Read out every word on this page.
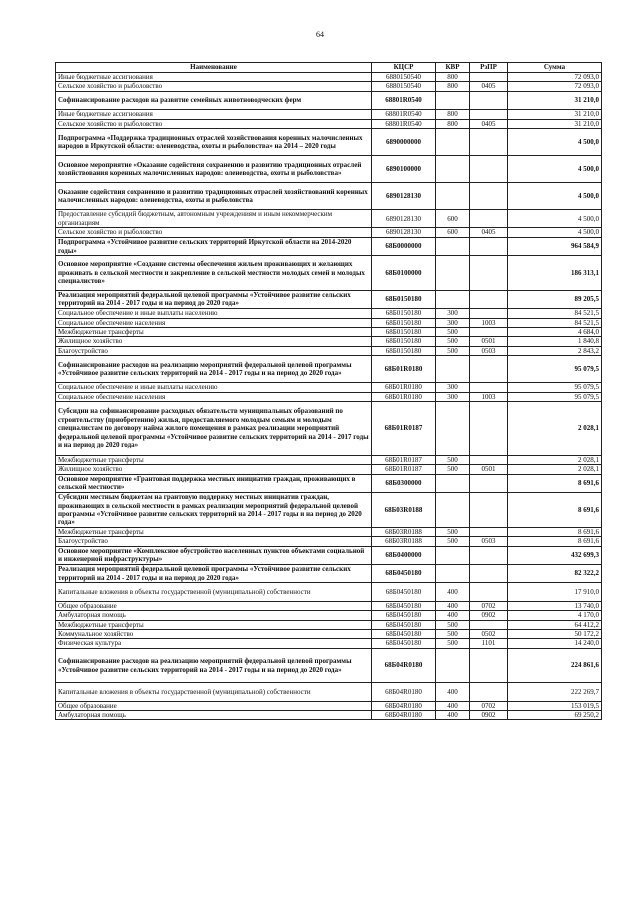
64
Наименование	КЦСР	КВР	РзПР	Сумма
Иные бюджетные ассигнования	6880150540	800		72 093,0
Сельское хозяйство и рыболовство	6880150540	800	0405	72 093,0
Софинансирование расходов на развитие семейных животноводческих ферм	68801R0540			31 210,0
Иные бюджетные ассигнования	68801R0540	800		31 210,0
Сельское хозяйство и рыболовство	68801R0540	800	0405	31 210,0
Подпрограмма «Поддержка традиционных отраслей хозяйствования коренных малочисленных народов в Иркутской области: оленеводства, охоты и рыболовства» на 2014 – 2020 годы	6890000000			4 500,0
Основное мероприятие «Оказание содействия сохранению и развитию традиционных отраслей хозяйствования коренных малочисленных народов: оленеводства, охоты и рыболовства»	6890100000			4 500,0
Оказание содействия сохранению и развитию традиционных отраслей хозяйствований коренных малочисленных народов: оленеводства, охоты и рыболовства	6890128130			4 500,0
Предоставление субсидий бюджетным, автономным учреждениям и иным некоммерческим организациям	6890128130	600		4 500,0
Сельское хозяйство и рыболовство	6890128130	600	0405	4 500,0
Подпрограмма «Устойчивое развитие сельских территорий Иркутской области на 2014-2020 годы»	68Б0000000			964 584,9
Основное мероприятие «Создание системы обеспечения жильем проживающих и желающих проживать в сельской местности и закрепление в сельской местности молодых семей и молодых специалистов»	68Б0100000			186 313,1
Реализация мероприятий федеральной целевой программы «Устойчивое развитие сельских территорий на 2014 - 2017 годы и на период до 2020 года»	68Б0150180			89 205,5
Социальное обеспечение и иные выплаты населению	68Б0150180	300		84 521,5
Социальное обеспечение населения	68Б0150180	300	1003	84 521,5
Межбюджетные трансферты	68Б0150180	500		4 684,0
Жилищное хозяйство	68Б0150180	500	0501	1 840,8
Благоустройство	68Б0150180	500	0503	2 843,2
Софинансирование расходов на реализацию мероприятий федеральной целевой программы «Устойчивое развитие сельских территорий на 2014 - 2017 годы и на период до 2020 года»	68Б01R0180			95 079,5
Социальное обеспечение и иные выплаты населению	68Б01R0180	300		95 079,5
Социальное обеспечение населения	68Б01R0180	300	1003	95 079,5
Субсидии на софинансирование расходных обязательств муниципальных образований по строительству (приобретению) жилья, предоставляемого молодым семьям и молодым специалистам по договору найма жилого помещения в рамках реализации мероприятий федеральной целевой программы «Устойчивое развитие сельских территорий на 2014 - 2017 годы и на период до 2020 года»	68Б01R0187			2 028,1
Межбюджетные трансферты	68Б01R0187	500		2 028,1
Жилищное хозяйство	68Б01R0187	500	0501	2 028,1
Основное мероприятие «Грантовая поддержка местных инициатив граждан, проживающих в сельской местности»	68Б0300000			8 691,6
Субсидии местным бюджетам на грантовую поддержку местных инициатив граждан, проживающих в сельской местности в рамках реализации мероприятий федеральной целевой программы «Устойчивое развитие сельских территорий на 2014 - 2017 годы и на период до 2020 года»	68Б03R0188			8 691,6
Межбюджетные трансферты	68Б03R0188	500		8 691,6
Благоустройство	68Б03R0188	500	0503	8 691,6
Основное мероприятие «Комплексное обустройство населенных пунктов объектами социальной и инженерной инфраструктуры»	68Б0400000			432 699,3
Реализация мероприятий федеральной целевой программы «Устойчивое развитие сельских территорий на 2014 - 2017 годы и на период до 2020 года»	68Б0450180			82 322,2
Капитальные вложения в объекты государственной (муниципальной) собственности	68Б0450180	400		17 910,0
Общее образование	68Б0450180	400	0702	13 740,0
Амбулаторная помощь	68Б0450180	400	0902	4 170,0
Межбюджетные трансферты	68Б0450180	500		64 412,2
Коммунальное хозяйство	68Б0450180	500	0502	50 172,2
Физическая культура	68Б0450180	500	1101	14 240,0
Софинансирование расходов на реализацию мероприятий федеральной целевой программы «Устойчивое развитие сельских территорий на 2014 - 2017 годы и на период до 2020 года»	68Б04R0180			224 861,6
Капитальные вложения в объекты государственной (муниципальной) собственности	68Б04R0180	400		222 269,7
Общее образование	68Б04R0180	400	0702	153 019,5
Амбулаторная помощь	68Б04R0180	400	0902	69 250,2
